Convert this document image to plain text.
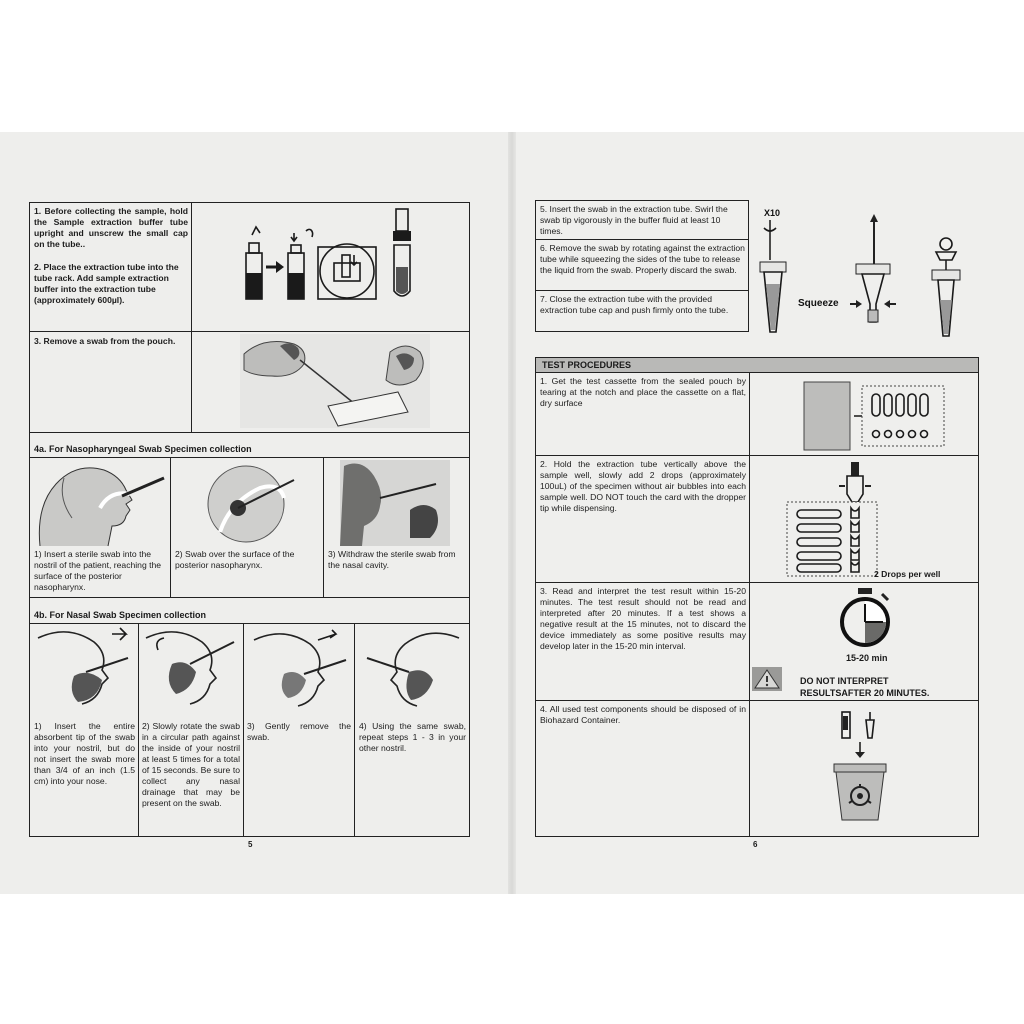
1. Before collecting the sample, hold the Sample extraction buffer tube upright and unscrew the small cap on the tube..
2. Place the extraction tube into the tube rack. Add sample extraction buffer into the extraction tube (approximately 600µl).
3. Remove a swab from the pouch.
4a. For Nasopharyngeal Swab Specimen collection
1) Insert a sterile swab into the nostril of the patient, reaching the surface of the posterior nasopharynx.
2) Swab over the surface of the posterior nasopharynx.
3) Withdraw the sterile swab from the nasal cavity.
4b. For Nasal Swab Specimen collection
1) Insert the entire absorbent tip of the swab into your nostril, but do not insert the swab more than 3/4 of an inch (1.5 cm) into your nose.
2) Slowly rotate the swab in a circular path against the inside of your nostril at least 5 times for a total of 15 seconds. Be sure to collect any nasal drainage that may be present on the swab.
3) Gently remove the swab.
4) Using the same swab, repeat steps 1 - 3 in your other nostril.
5
5. Insert the swab in the extraction tube. Swirl the swab tip vigorously in the buffer fluid at least 10 times.
6. Remove the swab by rotating against the extraction tube while squeezing the sides of the tube to release the liquid from the swab. Properly discard the swab.
7. Close the extraction tube with the provided extraction tube cap and push firmly onto the tube.
X10
Squeeze
TEST PROCEDURES
1. Get the test cassette from the sealed pouch by tearing at the notch and place the cassette on a flat, dry surface
2. Hold the extraction tube vertically above the sample well, slowly add 2 drops (approximately 100uL) of the specimen without air bubbles into each sample well. DO NOT touch the card with the dropper tip while dispensing.
3. Read and interpret the test result within 15-20 minutes. The test result should not be read and interpreted after 20 minutes. If a test shows a negative result at the 15 minutes, not to discard the device immediately as some positive results may develop later in the 15-20 min interval.
4. All used test components should be disposed of in Biohazard Container.
2 Drops per well
15-20 min
DO NOT INTERPRET
RESULTSAFTER 20 MINUTES.
6
